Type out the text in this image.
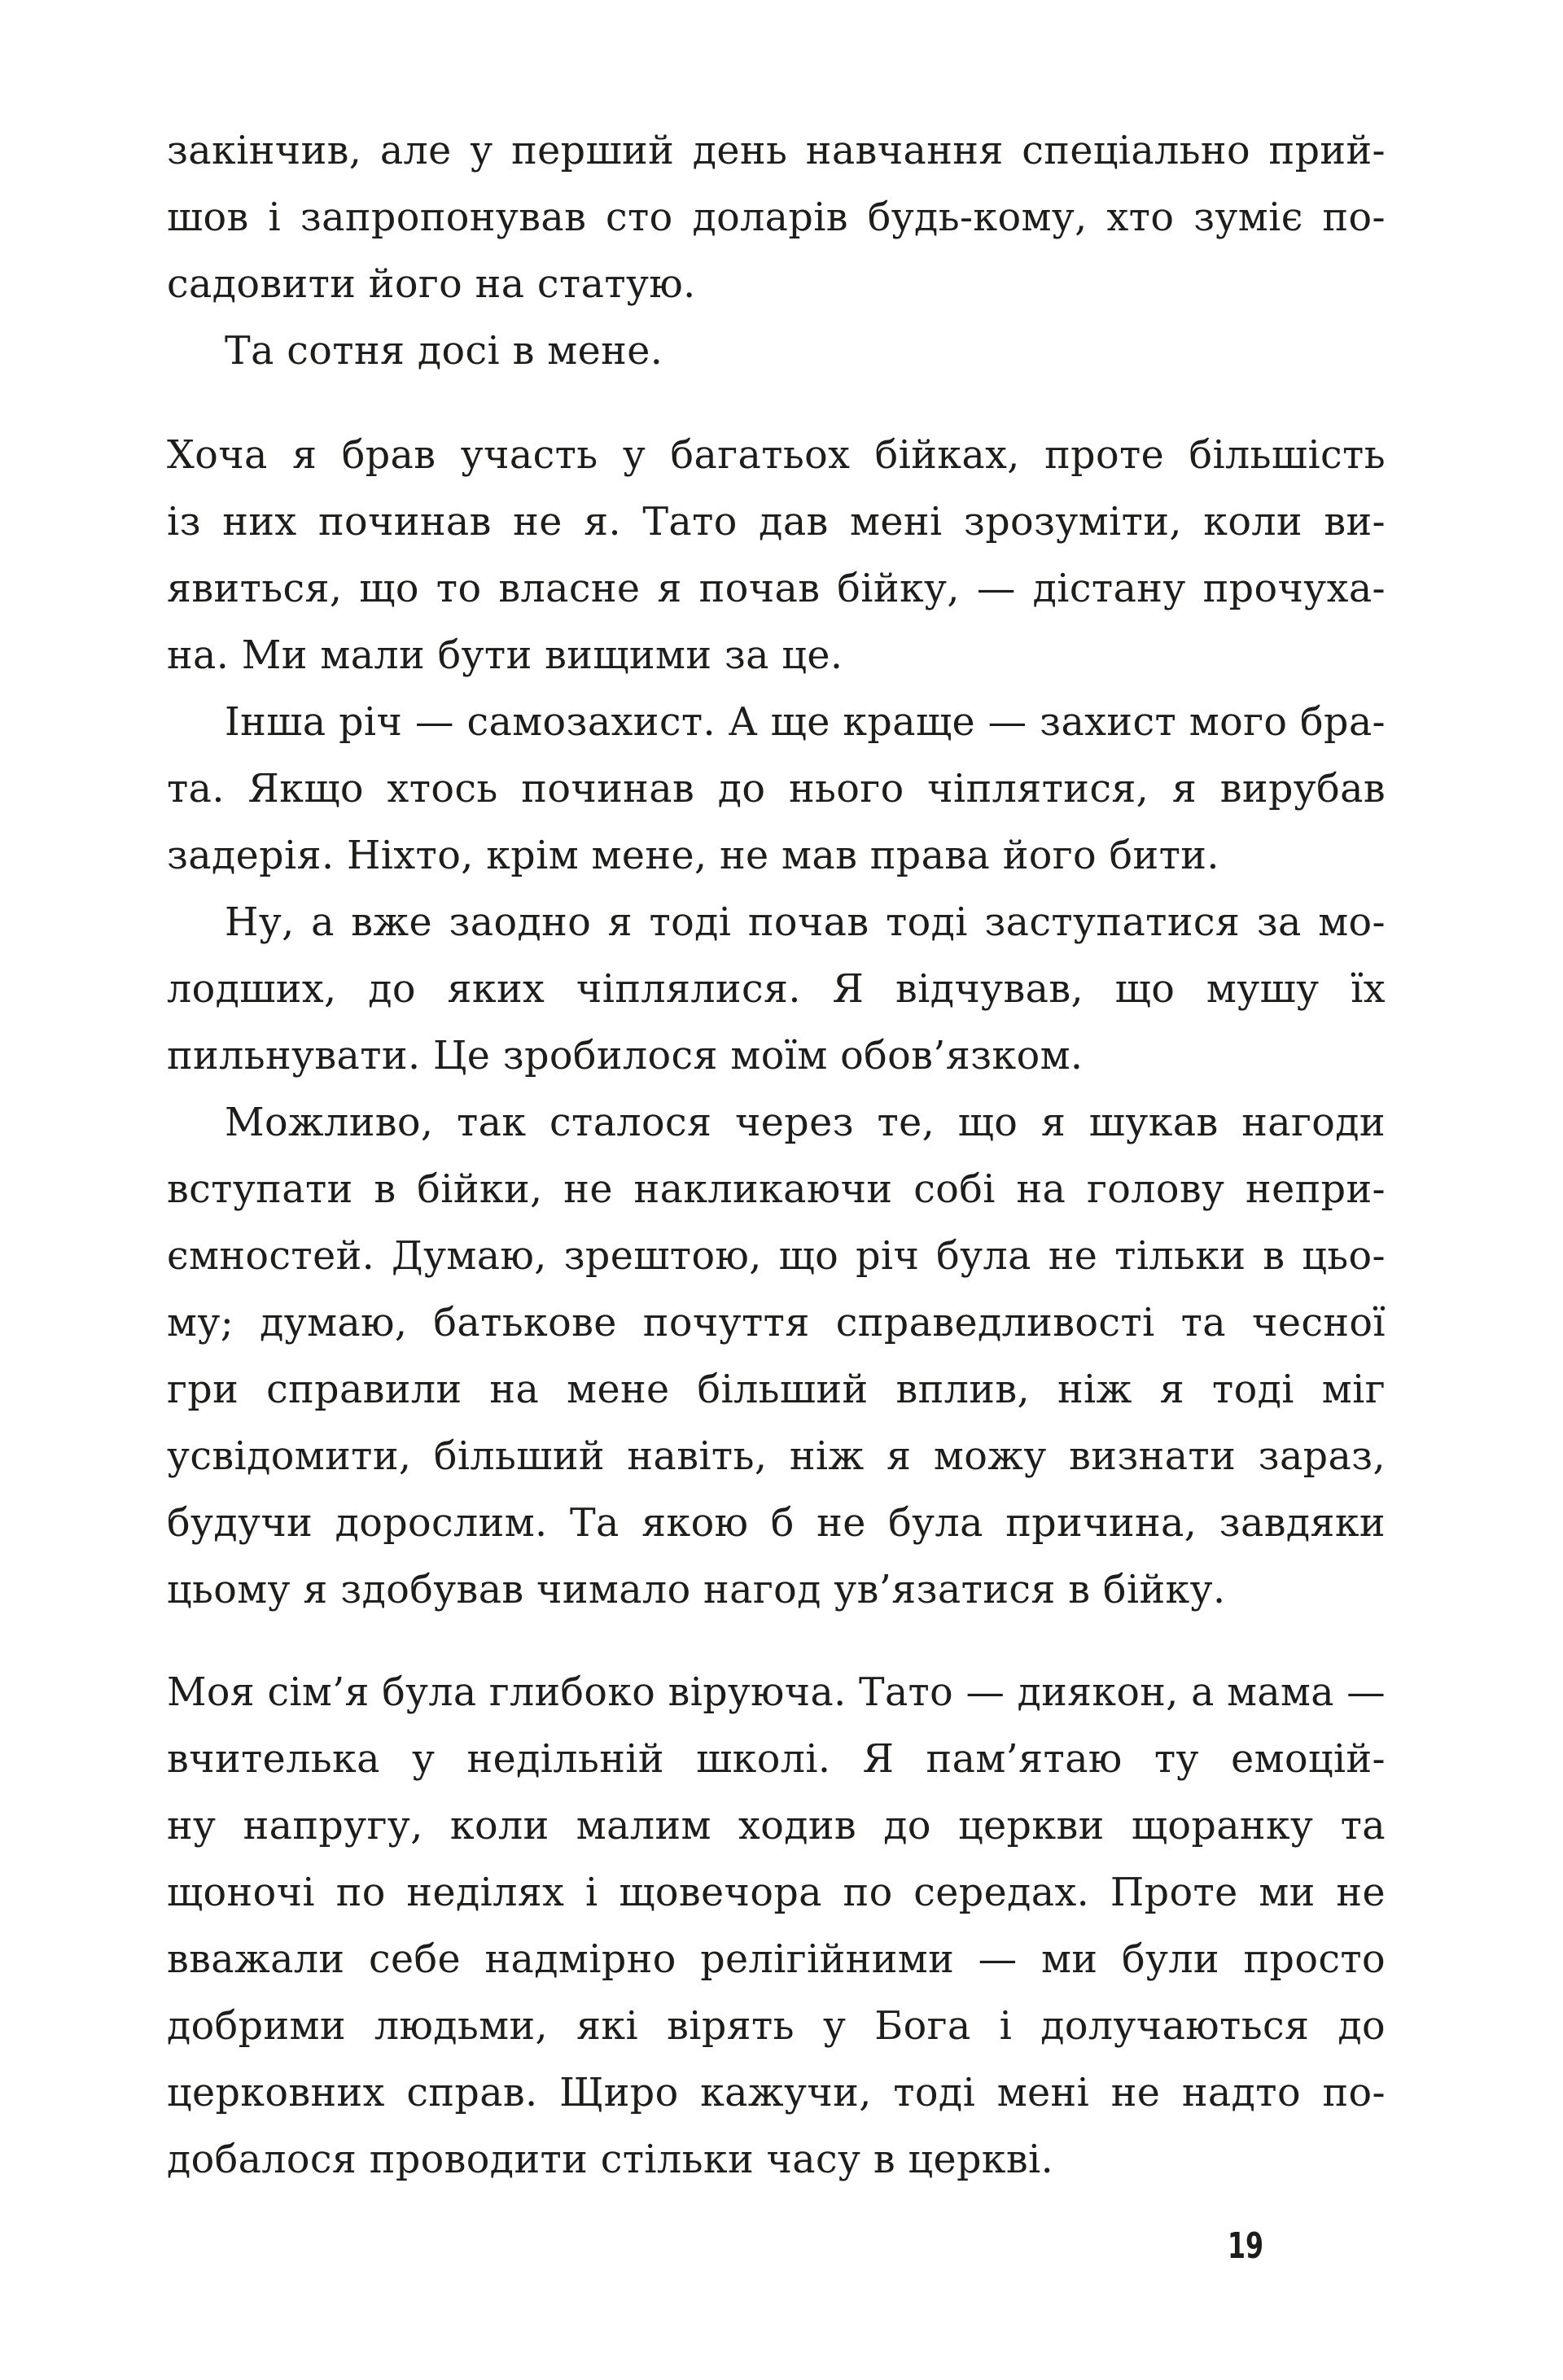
закінчив, але у перший день навчання спеціально прий-
шов і запропонував сто доларів будь-кому, хто зуміє по-
садовити його на статую.
Та сотня досі в мене.
Хоча я брав участь у багатьох бійках, проте більшість
із них починав не я. Тато дав мені зрозуміти, коли ви-
явиться, що то власне я почав бійку, — дістану прочуха-
на. Ми мали бути вищими за це.
Інша річ — самозахист. А ще краще — захист мого бра-
та. Якщо хтось починав до нього чіплятися, я вирубав
задерія. Ніхто, крім мене, не мав права його бити.
Ну, а вже заодно я тоді почав тоді заступатися за мо-
лодших, до яких чіплялися. Я відчував, що мушу їх
пильнувати. Це зробилося моїм обов’язком.
Можливо, так сталося через те, що я шукав нагоди
вступати в бійки, не накликаючи собі на голову непри-
ємностей. Думаю, зрештою, що річ була не тільки в цьо-
му; думаю, батькове почуття справедливості та чесної
гри справили на мене більший вплив, ніж я тоді міг
усвідомити, більший навіть, ніж я можу визнати зараз,
будучи дорослим. Та якою б не була причина, завдяки
цьому я здобував чимало нагод ув’язатися в бійку.
Моя сім’я була глибоко віруюча. Тато — диякон, а мама —
вчителька у недільній школі. Я пам’ятаю ту емоцій-
ну напругу, коли малим ходив до церкви щоранку та
щоночі по неділях і щовечора по середах. Проте ми не
вважали себе надмірно релігійними — ми були просто
добрими людьми, які вірять у Бога і долучаються до
церковних справ. Щиро кажучи, тоді мені не надто по-
добалося проводити стільки часу в церкві.
19
